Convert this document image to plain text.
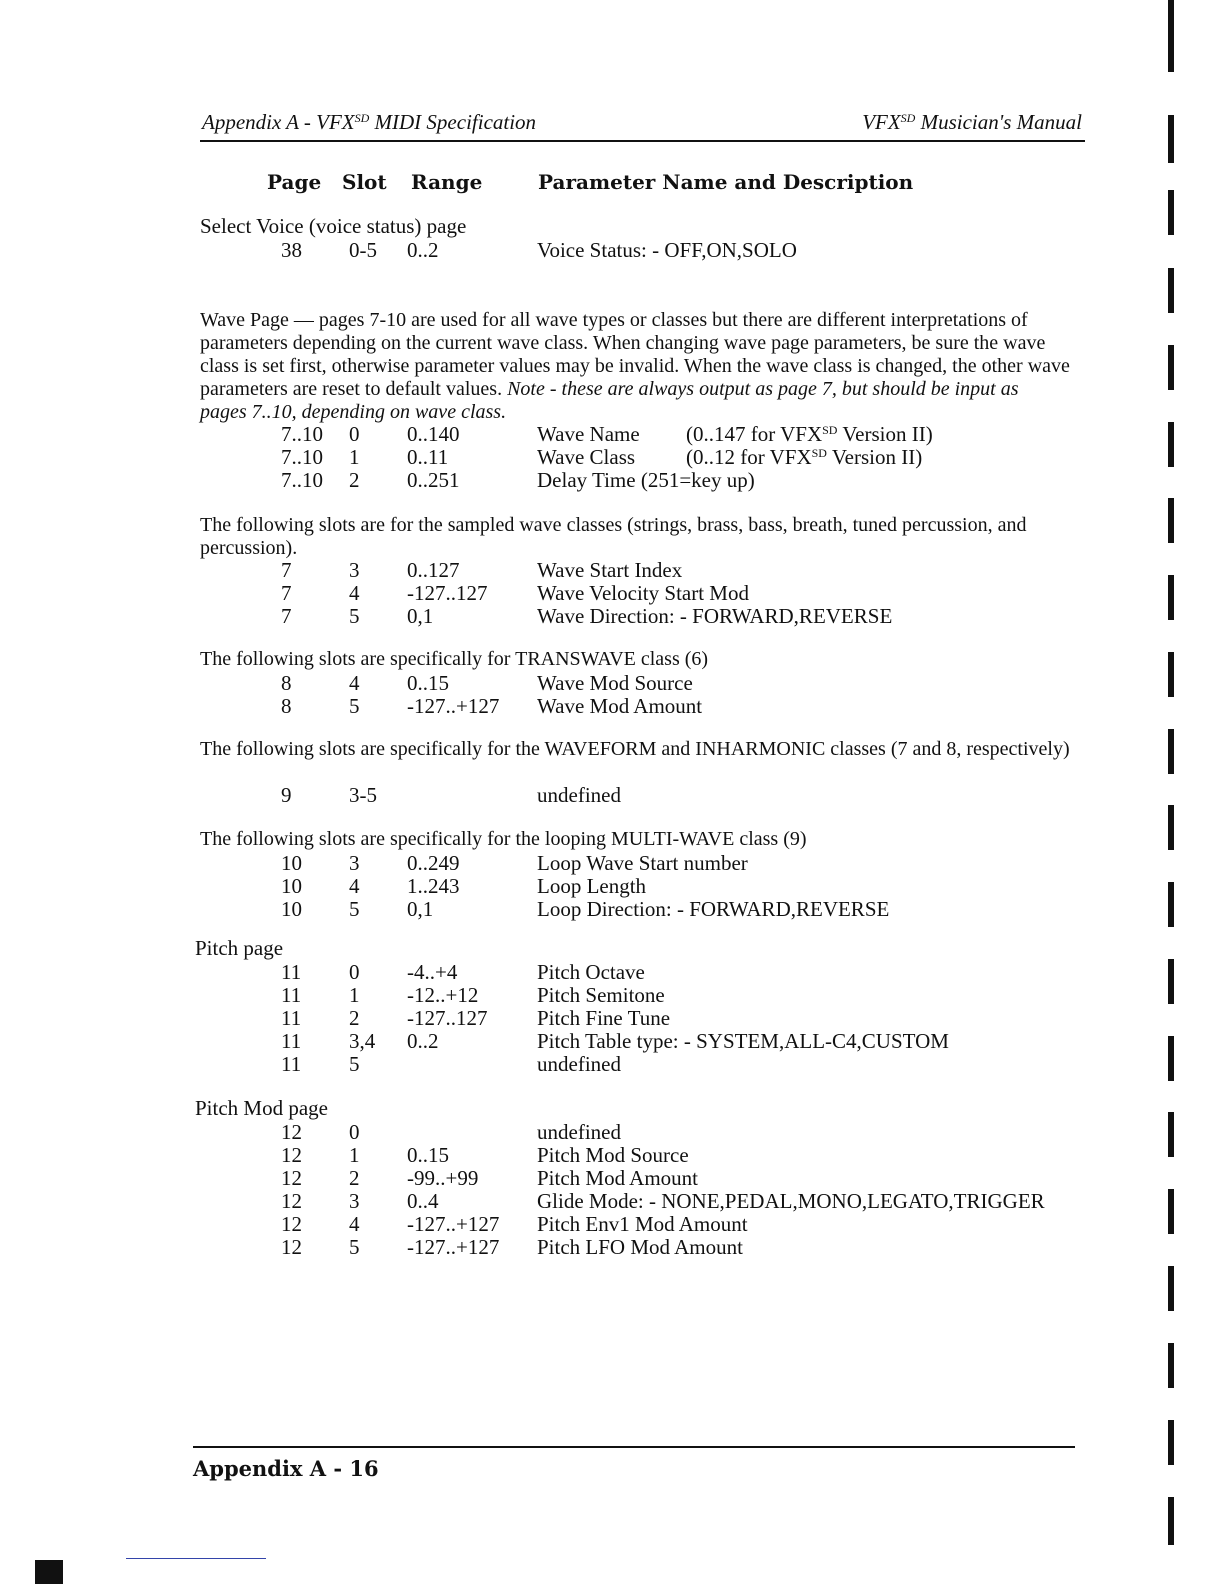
Appendix A - $VFX^{SD}$ MIDI Specification	$VFX^{SD}$ Musician's Manual
Page Slot Range	Parameter Name and Description
Select Voice (voice status) page
38 0-5 0..2	Voice Status: - OFF,ON,SOLO
Wave Page — pages 7-10 are used for all wave types or classes but there are different interpretations of parameters depending on the current wave class. When changing wave page parameters, be sure the wave class is set first, otherwise parameter values may be invalid. When the wave class is changed, the other wave parameters are reset to default values. Note - these are always output as page 7, but should be input as pages 7..10, depending on wave class.
7..10 0 0..140	Wave Name (0..147 for $VFX^{SD}$ Version II)
7..10 1 0..11	Wave Class (0..12 for $VFX^{SD}$ Version II)
7..10 2 0..251	Delay Time (251=key up)
The following slots are for the sampled wave classes (strings, brass, bass, breath, tuned percussion, and percussion).
7	3 0..127	Wave Start Index
7	4 -127..127 Wave Velocity Start Mod
7	5 0,1	Wave Direction: - FORWARD,REVERSE
The following slots are specifically for TRANSWAVE class (6)
8	4 0..15	Wave Mod Source
8	5 -127..+127 Wave Mod Amount
The following slots are specifically for the WAVEFORM and INHARMONIC classes (7 and 8, respectively)
9	3-5	undefined
The following slots are specifically for the looping MULTI-WAVE class (9)
10 3 0..249	Loop Wave Start number
10 4 1..243	Loop Length
10 5 0,1	Loop Direction: - FORWARD,REVERSE
Pitch page
11 0 -4..+4	Pitch Octave
11 1 -12..+12	Pitch Semitone
11 2 -127..127 Pitch Fine Tune
11 3,4 0..2	Pitch Table type: - SYSTEM,ALL-C4,CUSTOM
11 5	undefined
Pitch Mod page
12 0	undefined
12 1 0..15	Pitch Mod Source
12 2 -99..+99	Pitch Mod Amount
12 3 0..4	Glide Mode: - NONE,PEDAL,MONO,LEGATO,TRIGGER
12 4 -127..+127 Pitch Env1 Mod Amount
12 5 -127..+127 Pitch LFO Mod Amount
Appendix A - 16
